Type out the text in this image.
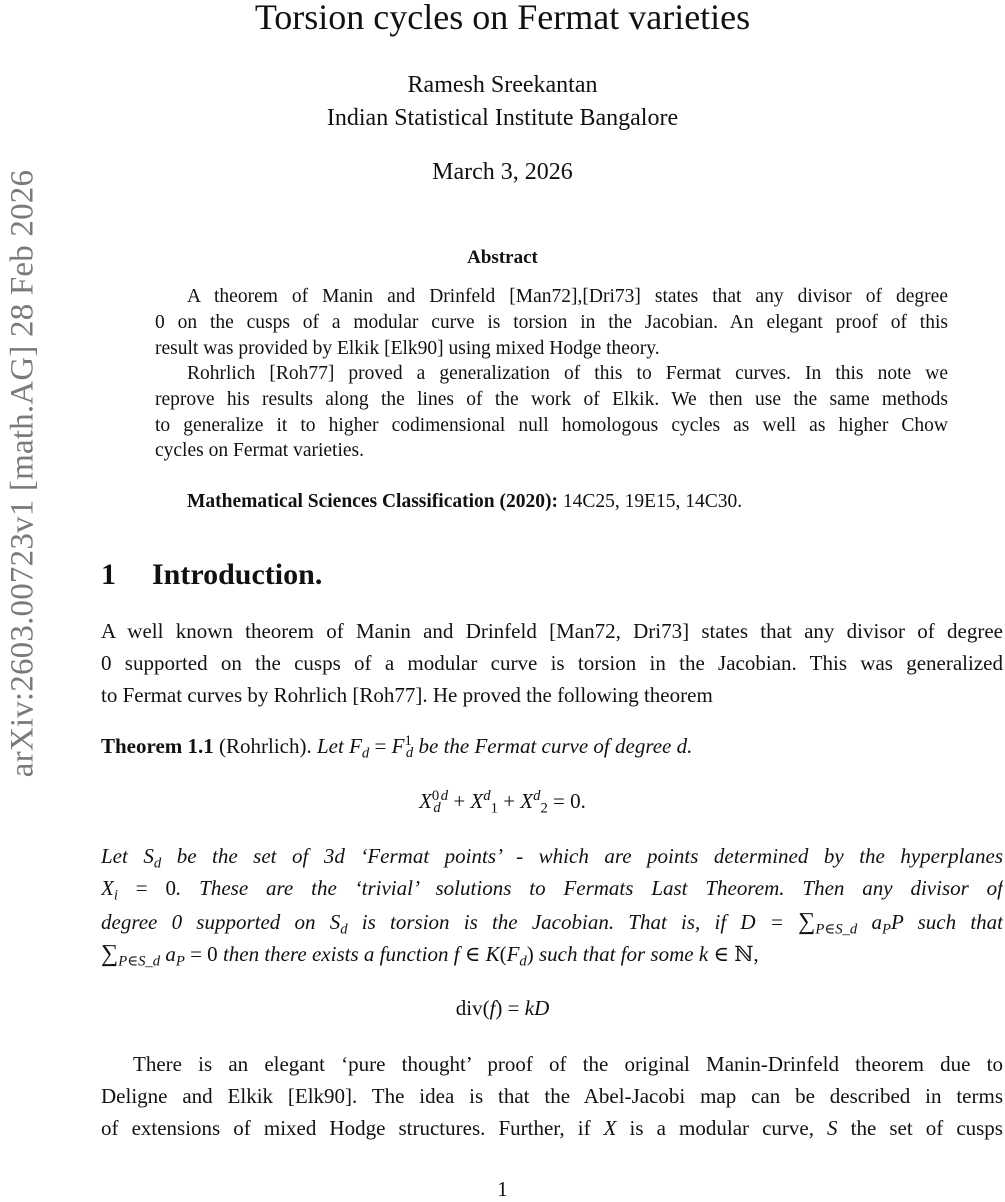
arXiv:2603.00723v1 [math.AG] 28 Feb 2026
Torsion cycles on Fermat varieties
Ramesh Sreekantan
Indian Statistical Institute Bangalore
March 3, 2026
Abstract
A theorem of Manin and Drinfeld [Man72],[Dri73] states that any divisor of degree
0 on the cusps of a modular curve is torsion in the Jacobian. An elegant proof of this
result was provided by Elkik [Elk90] using mixed Hodge theory.
Rohrlich [Roh77] proved a generalization of this to Fermat curves. In this note we
reprove his results along the lines of the work of Elkik. We then use the same methods
to generalize it to higher codimensional null homologous cycles as well as higher Chow
cycles on Fermat varieties.
Mathematical Sciences Classification (2020): 14C25, 19E15, 14C30.
1 Introduction.
A well known theorem of Manin and Drinfeld [Man72, Dri73] states that any divisor of degree
0 supported on the cusps of a modular curve is torsion in the Jacobian. This was generalized
to Fermat curves by Rohrlich [Roh77]. He proved the following theorem
Theorem 1.1 (Rohrlich). Let $F_d = F^1_d$ be the Fermat curve of degree d.
$X^0_d^d + X^d_1 + X^d_2 = 0$.
Let $S_d$ be the set of 3d ‘Fermat points’ - which are points determined by the hyperplanes
$X_i = 0$. These are the ‘trivial’ solutions to Fermats Last Theorem. Then any divisor of
degree 0 supported on $S_d$ is torsion is the Jacobian. That is, if $D = \sum_{P\in S\_d}$ $a_PP$ such that
$\sum_{P\in S\_d}$ $a_P = 0$ then there exists a function f ∈ $K(F_d)$ such that for some k ∈ ℕ,
div(f) = kD
There is an elegant ‘pure thought’ proof of the original Manin-Drinfeld theorem due to
Deligne and Elkik [Elk90]. The idea is that the Abel-Jacobi map can be described in terms
of extensions of mixed Hodge structures. Further, if X is a modular curve, S the set of cusps
1
